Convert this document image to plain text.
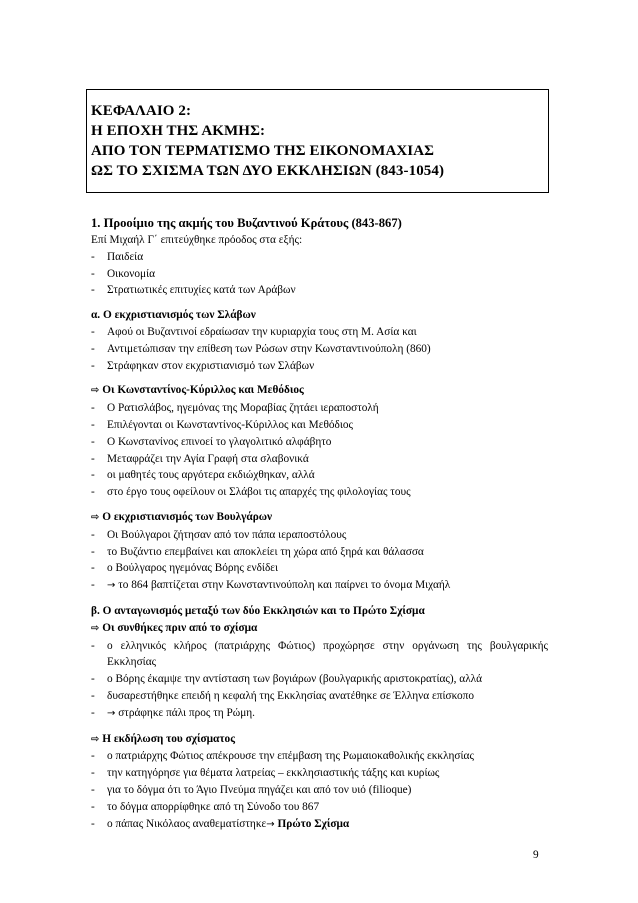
ΚΕΦΑΛΑΙΟ 2:
Η ΕΠΟΧΗ ΤΗΣ ΑΚΜΗΣ:
ΑΠΟ ΤΟΝ ΤΕΡΜΑΤΙΣΜΟ ΤΗΣ ΕΙΚΟΝΟΜΑΧΙΑΣ
ΩΣ ΤΟ ΣΧΙΣΜΑ ΤΩΝ ΔΥΟ ΕΚΚΛΗΣΙΩΝ (843-1054)
1. Προοίμιο της ακμής του Βυζαντινού Κράτους (843-867)
Επί Μιχαήλ Γ΄ επιτεύχθηκε πρόοδος στα εξής:
-	Παιδεία
-	Οικονομία
-	Στρατιωτικές επιτυχίες κατά των Αράβων
α. Ο εκχριστιανισμός των Σλάβων
-	Αφού οι Βυζαντινοί εδραίωσαν την κυριαρχία τους στη Μ. Ασία και
-	Αντιμετώπισαν την επίθεση των Ρώσων στην Κωνσταντινούπολη (860)
-	Στράφηκαν στον εκχριστιανισμό των Σλάβων
⇨ Οι Κωνσταντίνος-Κύριλλος και Μεθόδιος
-	Ο Ρατισλάβος, ηγεμόνας της Μοραβίας ζητάει ιεραποστολή
-	Επιλέγονται οι Κωνσταντίνος-Κύριλλος και Μεθόδιος
-	Ο Κωνστανίνος επινοεί το γλαγολιτικό αλφάβητο
-	Μεταφράζει την Αγία Γραφή στα σλαβονικά
-	οι μαθητές τους αργότερα εκδιώχθηκαν, αλλά
-	στο έργο τους οφείλουν οι Σλάβοι τις απαρχές της φιλολογίας τους
⇨ Ο εκχριστιανισμός των Βουλγάρων
-	Οι Βούλγαροι ζήτησαν από τον πάπα ιεραποστόλους
-	το Βυζάντιο επεμβαίνει και αποκλείει τη χώρα από ξηρά και θάλασσα
-	ο Βούλγαρος ηγεμόνας Βόρης ενδίδει
-	→ το 864 βαπτίζεται στην Κωνσταντινούπολη και παίρνει το όνομα Μιχαήλ
β. Ο ανταγωνισμός μεταξύ των δύο Εκκλησιών και το Πρώτο Σχίσμα
⇨ Οι συνθήκες πριν από το σχίσμα
-	ο ελληνικός κλήρος (πατριάρχης Φώτιος) προχώρησε στην οργάνωση της βουλγαρικής Εκκλησίας
-	ο Βόρης έκαμψε την αντίσταση των βογιάρων (βουλγαρικής αριστοκρατίας), αλλά
-	δυσαρεστήθηκε επειδή η κεφαλή της Εκκλησίας ανατέθηκε σε Έλληνα επίσκοπο
-	→ στράφηκε πάλι προς τη Ρώμη.
⇨ Η εκδήλωση του σχίσματος
-	ο πατριάρχης Φώτιος απέκρουσε την επέμβαση της Ρωμαιοκαθολικής εκκλησίας
-	την κατηγόρησε για θέματα λατρείας – εκκλησιαστικής τάξης και κυρίως
-	για το δόγμα ότι το Άγιο Πνεύμα πηγάζει και από τον υιό (filioque)
-	το δόγμα απορρίφθηκε από τη Σύνοδο του 867
-	ο πάπας Νικόλαος αναθεματίστηκε→ Πρώτο Σχίσμα
9
